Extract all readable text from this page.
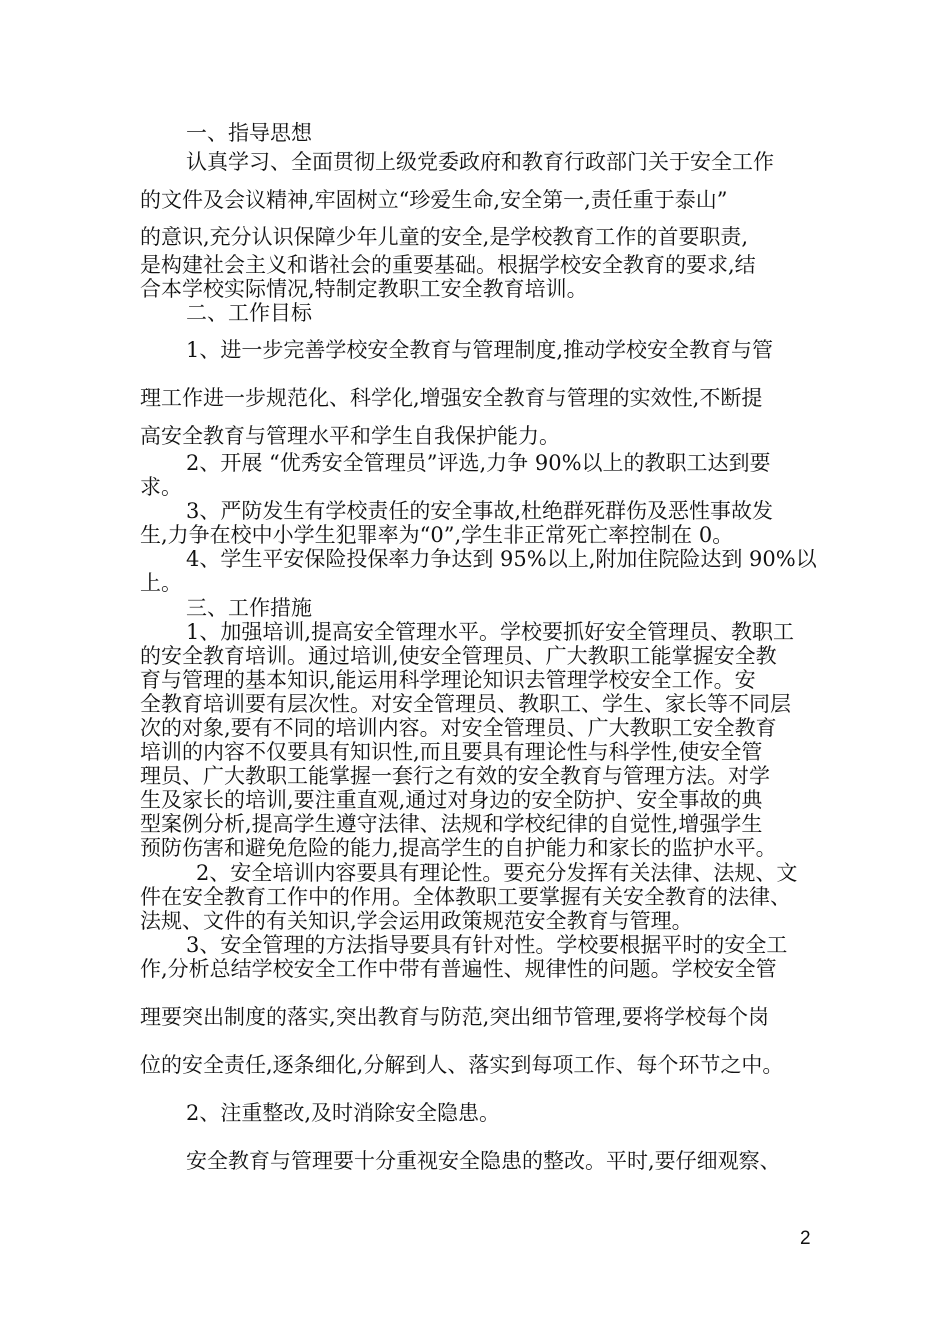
一、指导思想
认真学习、全面贯彻上级党委政府和教育行政部门关于安全工作
的文件及会议精神,牢固树立“珍爱生命,安全第一,责任重于泰山”
的意识,充分认识保障少年儿童的安全,是学校教育工作的首要职责,
是构建社会主义和谐社会的重要基础。根据学校安全教育的要求,结
合本学校实际情况,特制定教职工安全教育培训。
二、工作目标
1、进一步完善学校安全教育与管理制度,推动学校安全教育与管
理工作进一步规范化、科学化,增强安全教育与管理的实效性,不断提
高安全教育与管理水平和学生自我保护能力。
2、开展 “优秀安全管理员”评选,力争 90%以上的教职工达到要
求。
3、严防发生有学校责任的安全事故,杜绝群死群伤及恶性事故发
生,力争在校中小学生犯罪率为“0”,学生非正常死亡率控制在 0。
4、学生平安保险投保率力争达到 95%以上,附加住院险达到 90%以
上。
三、工作措施
1、加强培训,提高安全管理水平。学校要抓好安全管理员、教职工
的安全教育培训。通过培训,使安全管理员、广大教职工能掌握安全教
育与管理的基本知识,能运用科学理论知识去管理学校安全工作。安
全教育培训要有层次性。对安全管理员、教职工、学生、家长等不同层
次的对象,要有不同的培训内容。对安全管理员、广大教职工安全教育
培训的内容不仅要具有知识性,而且要具有理论性与科学性,使安全管
理员、广大教职工能掌握一套行之有效的安全教育与管理方法。对学
生及家长的培训,要注重直观,通过对身边的安全防护、安全事故的典
型案例分析,提高学生遵守法律、法规和学校纪律的自觉性,增强学生
预防伤害和避免危险的能力,提高学生的自护能力和家长的监护水平。
2、安全培训内容要具有理论性。要充分发挥有关法律、法规、文
件在安全教育工作中的作用。全体教职工要掌握有关安全教育的法律、
法规、文件的有关知识,学会运用政策规范安全教育与管理。
3、安全管理的方法指导要具有针对性。学校要根据平时的安全工
作,分析总结学校安全工作中带有普遍性、规律性的问题。学校安全管
理要突出制度的落实,突出教育与防范,突出细节管理,要将学校每个岗
位的安全责任,逐条细化,分解到人、落实到每项工作、每个环节之中。
2、注重整改,及时消除安全隐患。
安全教育与管理要十分重视安全隐患的整改。平时,要仔细观察、
2
